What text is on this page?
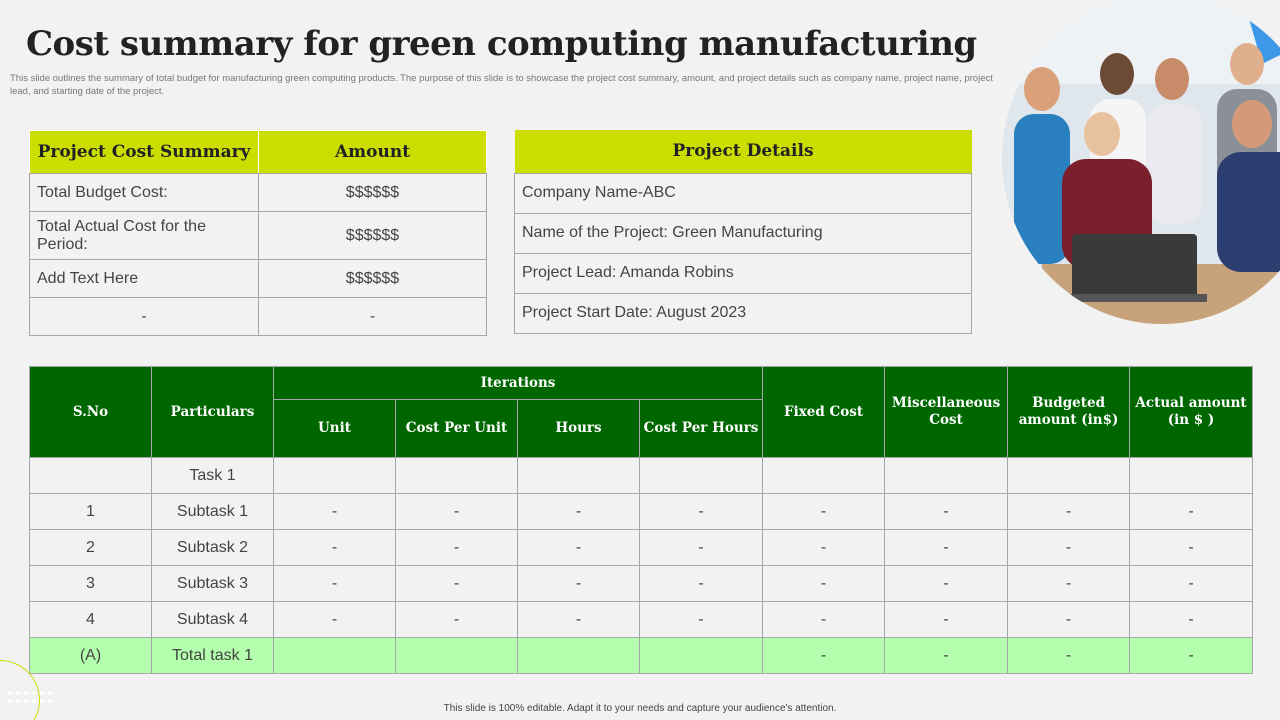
Cost summary for green computing manufacturing
This slide outlines the summary of total budget for manufacturing green computing products. The purpose of this slide is to showcase the project cost summary, amount, and project details such as company name, project name, project lead, and starting date of the project.
Project Cost Summary	Amount
Total Budget Cost:	$$$$$$
Total Actual Cost for the Period:	$$$$$$
Add Text Here	$$$$$$
-	-
Project Details
Company Name-ABC
Name of the Project: Green Manufacturing
Project Lead: Amanda Robins
Project Start Date: August 2023
S.No	Particulars	Iterations				Fixed Cost	Miscellaneous Cost	Budgeted amount (in$)	Actual amount (in $ )
		Unit	Cost Per Unit	Hours	Cost Per Hours				
	Task 1								
1	Subtask 1	-	-	-	-	-	-	-	-
2	Subtask 2	-	-	-	-	-	-	-	-
3	Subtask 3	-	-	-	-	-	-	-	-
4	Subtask 4	-	-	-	-	-	-	-	-
(A)	Total task 1					-	-	-	-
This slide is 100% editable. Adapt it to your needs and capture your audience's attention.
